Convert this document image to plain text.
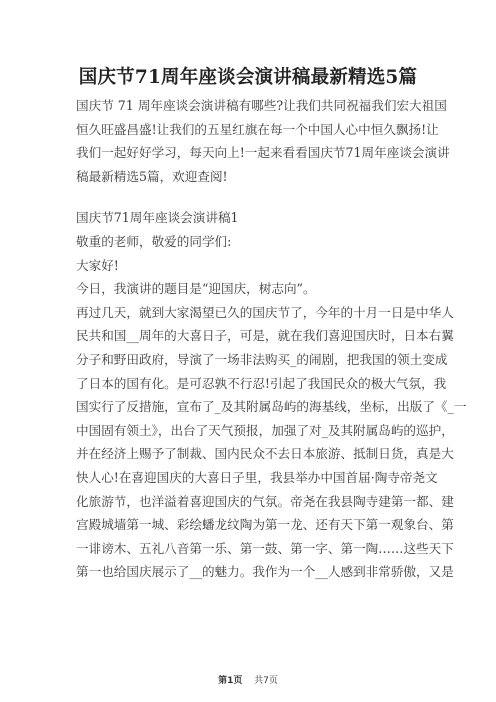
国庆节71周年座谈会演讲稿最新精选5篇
国庆节 71 周年座谈会演讲稿有哪些?让我们共同祝福我们宏大祖国
恒久旺盛昌盛!让我们的五星红旗在每一个中国人心中恒久飘扬!让
我们一起好好学习，每天向上!一起来看看国庆节71周年座谈会演讲
稿最新精选5篇，欢迎查阅!
国庆节71周年座谈会演讲稿1
敬重的老师，敬爱的同学们:
大家好!
今日，我演讲的题目是“迎国庆，树志向”。
再过几天，就到大家渴望已久的国庆节了，今年的十月一日是中华人
民共和国__周年的大喜日子，可是，就在我们喜迎国庆时，日本右翼
分子和野田政府，导演了一场非法购买_的闹剧，把我国的领土变成
了日本的国有化。是可忍孰不行忍!引起了我国民众的极大气氛，我
国实行了反措施，宣布了_及其附属岛屿的海基线，坐标，出版了《_一
中国固有领土》，出台了天气预报，加强了对_及其附属岛屿的巡护，
并在经济上赐予了制裁、国内民众不去日本旅游、抵制日货，真是大
快人心!在喜迎国庆的大喜日子里，我县举办中国首届·陶寺帝尧文
化旅游节，也洋溢着喜迎国庆的气氛。帝尧在我县陶寺建第一都、建
宫殿城墙第一城、彩绘蟠龙纹陶为第一龙、还有天下第一观象台、第
一诽谤木、五礼八音第一乐、第一鼓、第一字、第一陶……这些天下
第一也给国庆展示了__的魅力。我作为一个__人感到非常骄傲，又是
第1页 共7页
